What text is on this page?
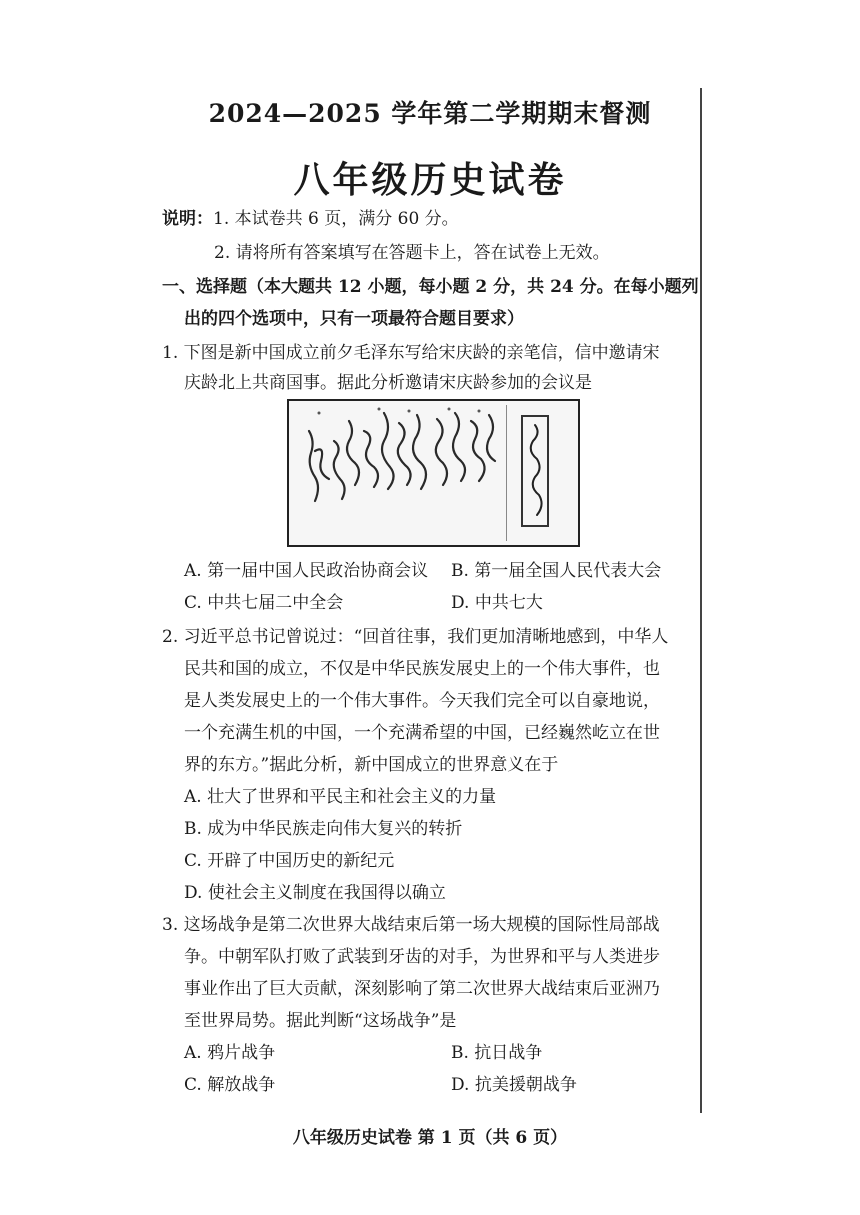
2024—2025 学年第二学期期末督测
八年级历史试卷
说明：1. 本试卷共 6 页，满分 60 分。
2. 请将所有答案填写在答题卡上，答在试卷上无效。
一、选择题（本大题共 12 小题，每小题 2 分，共 24 分。在每小题列
出的四个选项中，只有一项最符合题目要求）
1. 下图是新中国成立前夕毛泽东写给宋庆龄的亲笔信，信中邀请宋
庆龄北上共商国事。据此分析邀请宋庆龄参加的会议是
A. 第一届中国人民政治协商会议 B. 第一届全国人民代表大会
C. 中共七届二中全会	D. 中共七大
2. 习近平总书记曾说过：“回首往事，我们更加清晰地感到，中华人
民共和国的成立，不仅是中华民族发展史上的一个伟大事件，也
是人类发展史上的一个伟大事件。今天我们完全可以自豪地说，
一个充满生机的中国，一个充满希望的中国，已经巍然屹立在世
界的东方。”据此分析，新中国成立的世界意义在于
A. 壮大了世界和平民主和社会主义的力量
B. 成为中华民族走向伟大复兴的转折
C. 开辟了中国历史的新纪元
D. 使社会主义制度在我国得以确立
3. 这场战争是第二次世界大战结束后第一场大规模的国际性局部战
争。中朝军队打败了武装到牙齿的对手，为世界和平与人类进步
事业作出了巨大贡献，深刻影响了第二次世界大战结束后亚洲乃
至世界局势。据此判断“这场战争”是
A. 鸦片战争	B. 抗日战争
C. 解放战争	D. 抗美援朝战争
八年级历史试卷 第 1 页（共 6 页）
